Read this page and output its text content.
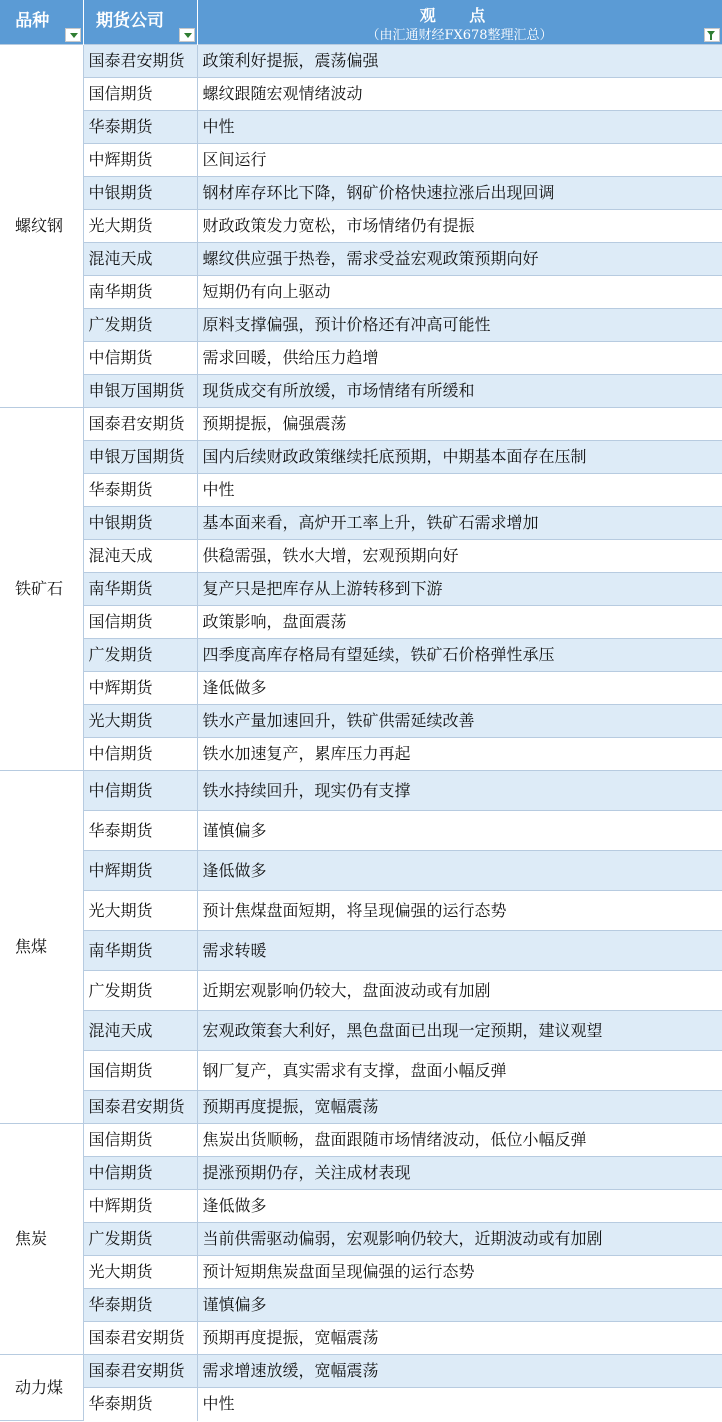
品种	期货公司	观 点
（由汇通财经FX678整理汇总）

螺纹钢	国泰君安期货	政策利好提振，震荡偏强
	国信期货	螺纹跟随宏观情绪波动
	华泰期货	中性
	中辉期货	区间运行
	中银期货	钢材库存环比下降，钢矿价格快速拉涨后出现回调
	光大期货	财政政策发力宽松，市场情绪仍有提振
	混沌天成	螺纹供应强于热卷，需求受益宏观政策预期向好
	南华期货	短期仍有向上驱动
	广发期货	原料支撑偏强，预计价格还有冲高可能性
	中信期货	需求回暖，供给压力趋增
	申银万国期货	现货成交有所放缓，市场情绪有所缓和
铁矿石	国泰君安期货	预期提振，偏强震荡
	申银万国期货	国内后续财政政策继续托底预期，中期基本面存在压制
	华泰期货	中性
	中银期货	基本面来看，高炉开工率上升，铁矿石需求增加
	混沌天成	供稳需强，铁水大增，宏观预期向好
	南华期货	复产只是把库存从上游转移到下游
	国信期货	政策影响，盘面震荡
	广发期货	四季度高库存格局有望延续，铁矿石价格弹性承压
	中辉期货	逢低做多
	光大期货	铁水产量加速回升，铁矿供需延续改善
	中信期货	铁水加速复产，累库压力再起
焦煤	中信期货	铁水持续回升，现实仍有支撑
	华泰期货	谨慎偏多
	中辉期货	逢低做多
	光大期货	预计焦煤盘面短期，将呈现偏强的运行态势
	南华期货	需求转暖
	广发期货	近期宏观影响仍较大，盘面波动或有加剧
	混沌天成	宏观政策套大利好，黑色盘面已出现一定预期，建议观望
	国信期货	钢厂复产，真实需求有支撑，盘面小幅反弹
	国泰君安期货	预期再度提振，宽幅震荡
焦炭	国信期货	焦炭出货顺畅，盘面跟随市场情绪波动，低位小幅反弹
	中信期货	提涨预期仍存，关注成材表现
	中辉期货	逢低做多
	广发期货	当前供需驱动偏弱，宏观影响仍较大，近期波动或有加剧
	光大期货	预计短期焦炭盘面呈现偏强的运行态势
	华泰期货	谨慎偏多
	国泰君安期货	预期再度提振，宽幅震荡
动力煤	国泰君安期货	需求增速放缓，宽幅震荡
	华泰期货	中性
